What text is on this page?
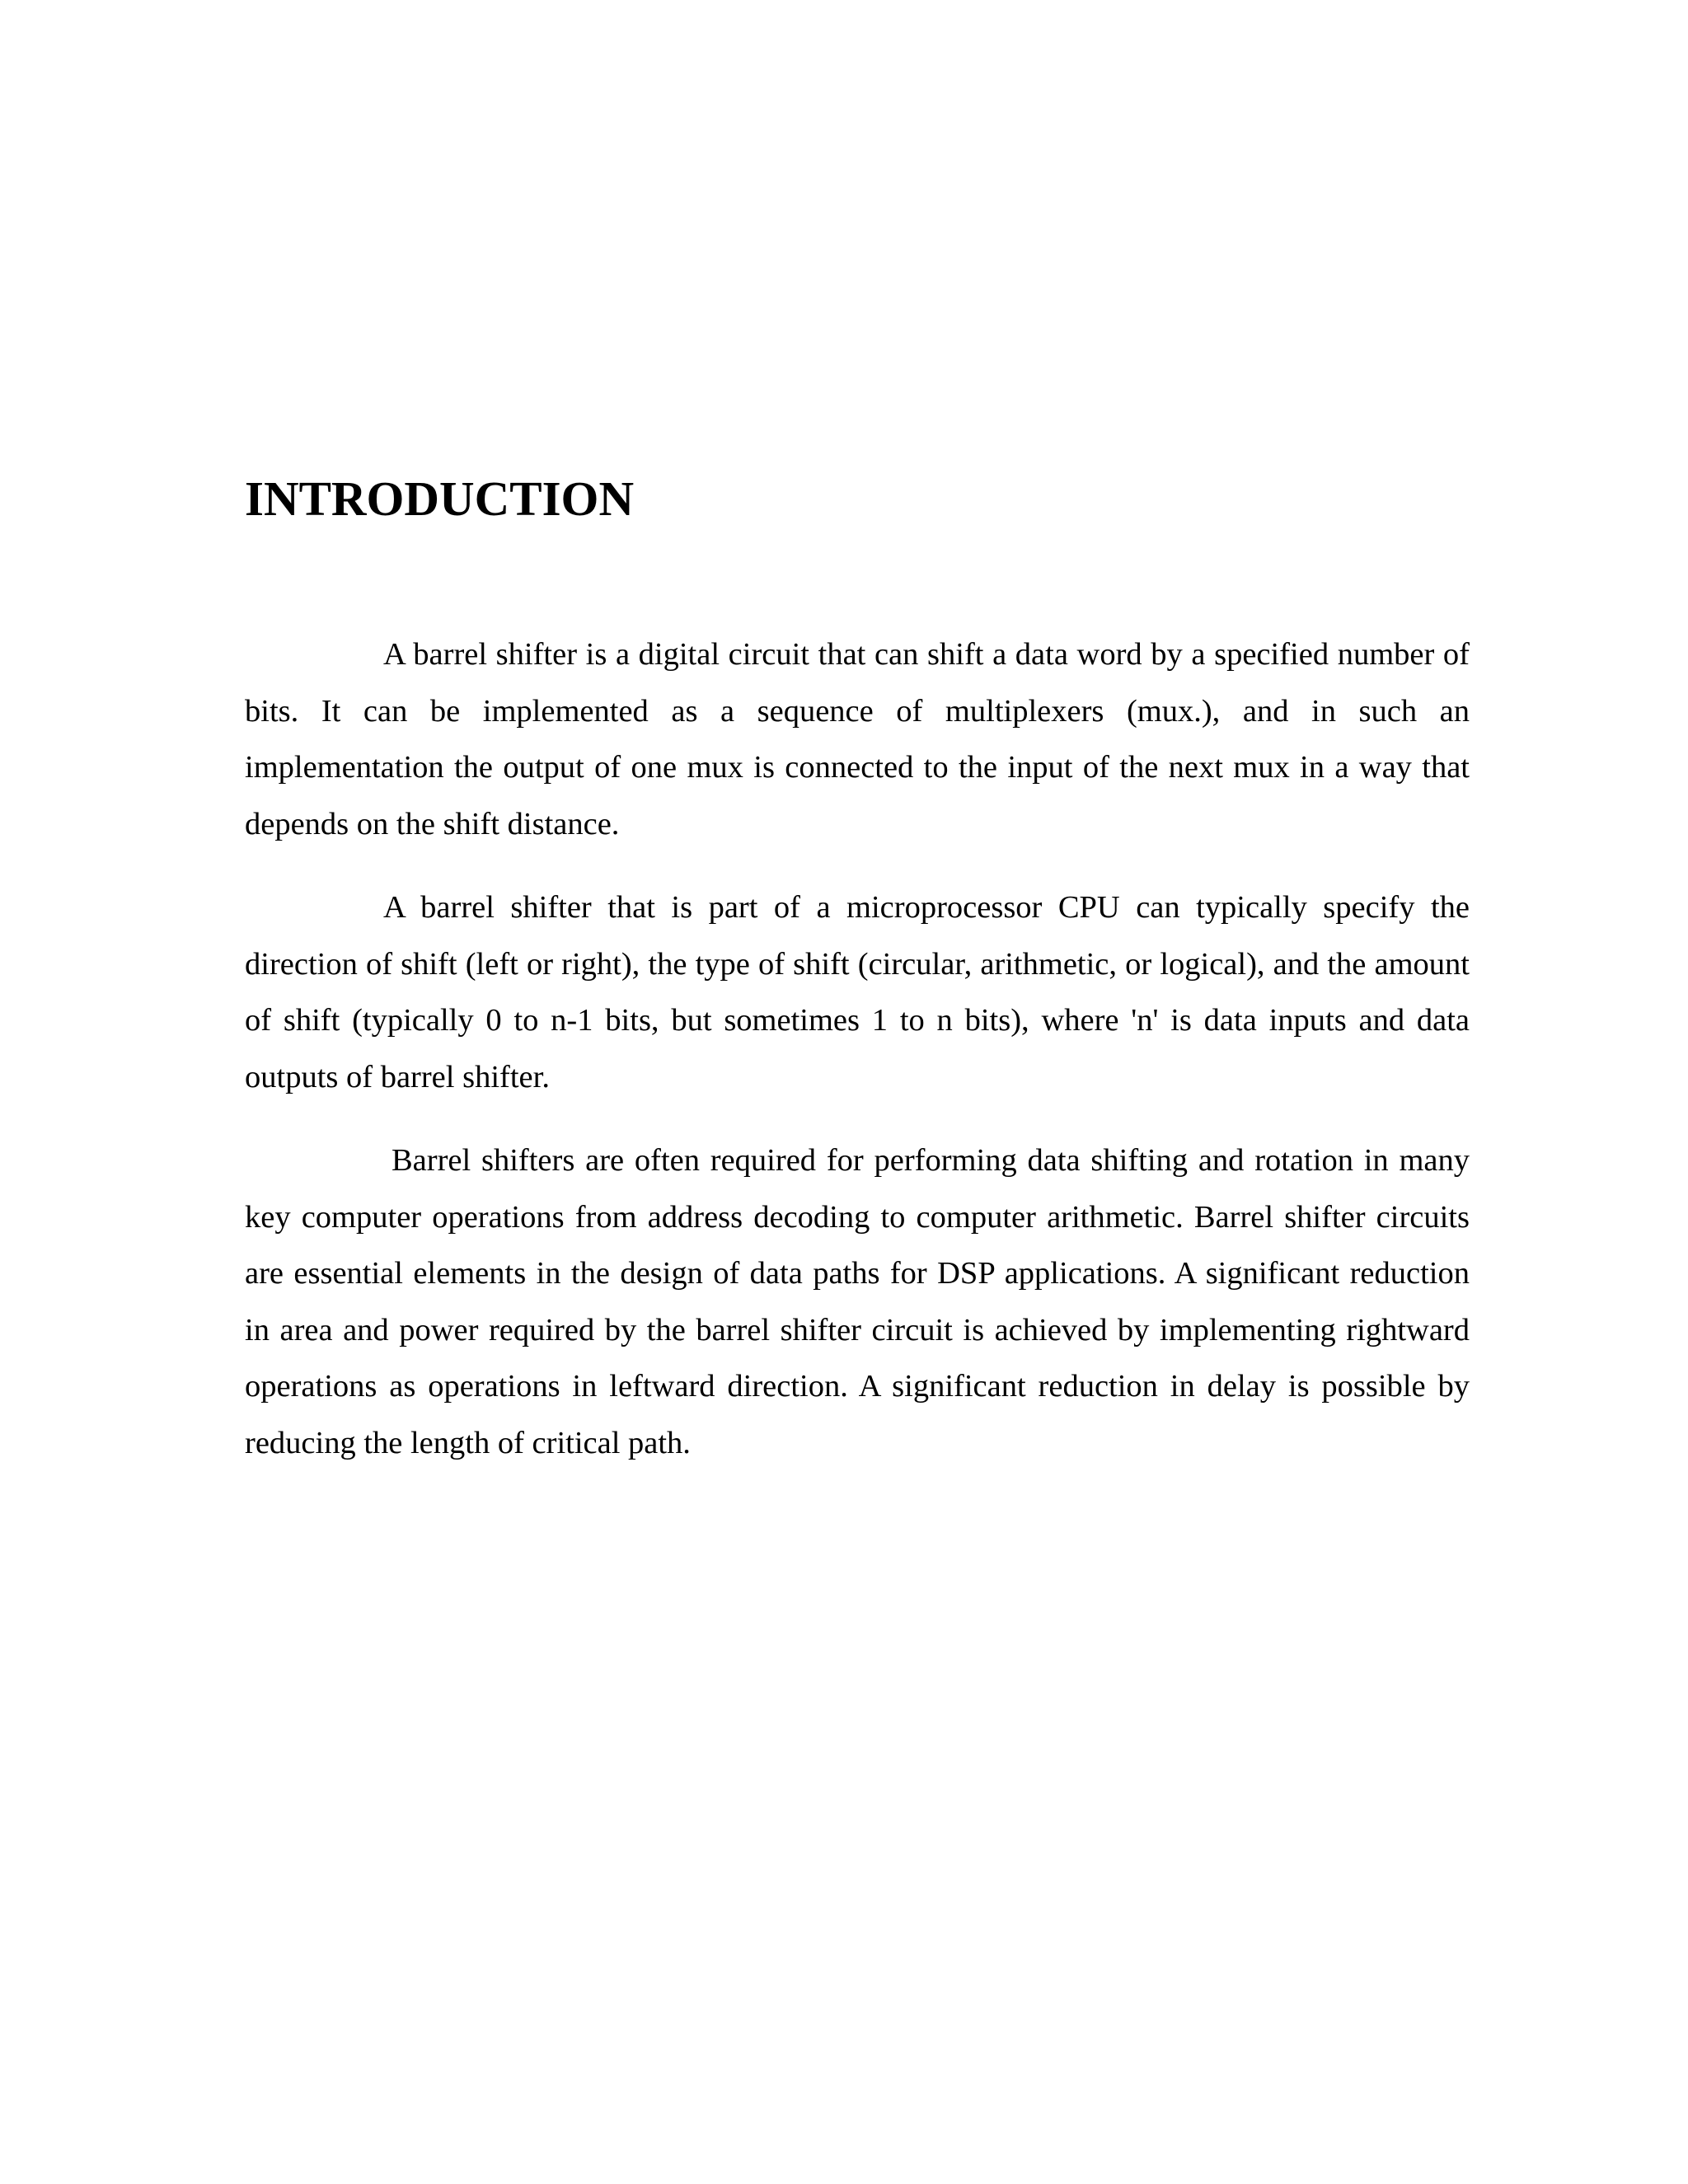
INTRODUCTION

A barrel shifter is a digital circuit that can shift a data word by a specified number of bits. It can be implemented as a sequence of multiplexers (mux.), and in such an implementation the output of one mux is connected to the input of the next mux in a way that depends on the shift distance.

A barrel shifter that is part of a microprocessor CPU can typically specify the direction of shift (left or right), the type of shift (circular, arithmetic, or logical), and the amount of shift (typically 0 to n-1 bits, but sometimes 1 to n bits), where 'n' is data inputs and data outputs of barrel shifter.

Barrel shifters are often required for performing data shifting and rotation in many key computer operations from address decoding to computer arithmetic. Barrel shifter circuits are essential elements in the design of data paths for DSP applications. A significant reduction in area and power required by the barrel shifter circuit is achieved by implementing rightward operations as operations in leftward direction. A significant reduction in delay is possible by reducing the length of critical path.
